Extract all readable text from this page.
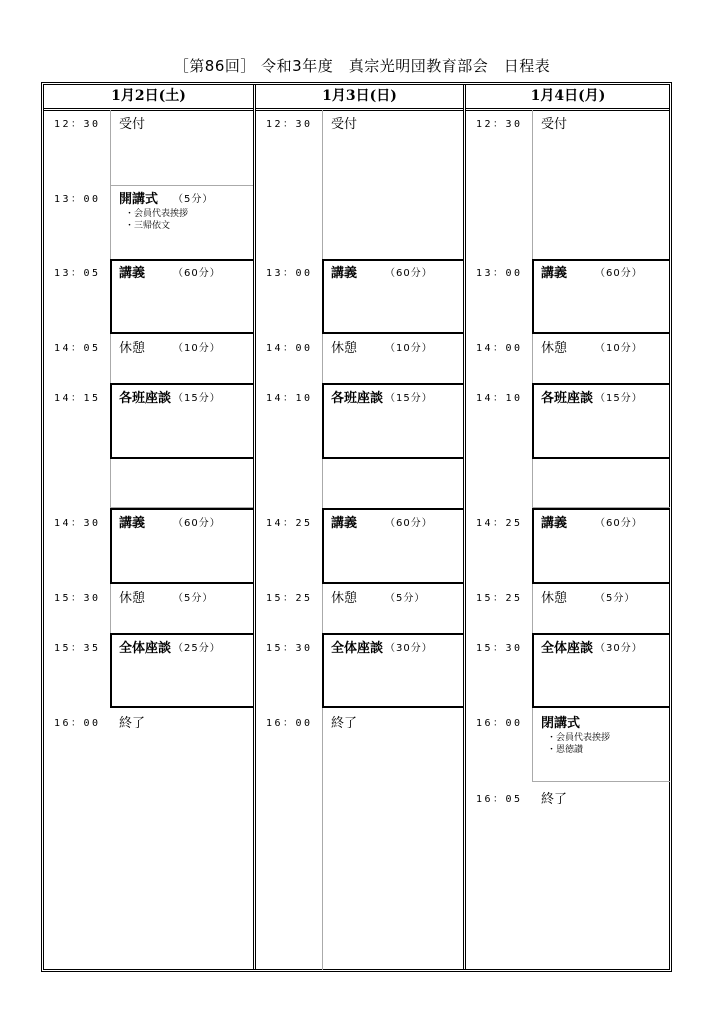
［第86回］ 令和3年度　真宗光明団教育部会　日程表
1月2日(土)
12：30 受付
13：00 開講式 （5分）
・会員代表挨拶
・三帰依文
13：05 講義	（60分）
14：05 休憩	（10分）
14：15 各班座談 （15分）
14：30 講義	（60分）
15：30 休憩	（5分）
15：35 全体座談 （25分）
16：00 終了
1月3日(日)
12：30 受付
13：00 講義	（60分）
14：00 休憩	（10分）
14：10 各班座談 （15分）
14：25 講義	（60分）
15：25 休憩	（5分）
15：30 全体座談 （30分）
16：00 終了
1月4日(月)
12：30 受付
13：00 講義	（60分）
14：00 休憩	（10分）
14：10 各班座談 （15分）
14：25 講義	（60分）
15：25 休憩	（5分）
15：30 全体座談 （30分）
16：00 閉講式
・会員代表挨拶
・恩徳讃
16：05 終了
